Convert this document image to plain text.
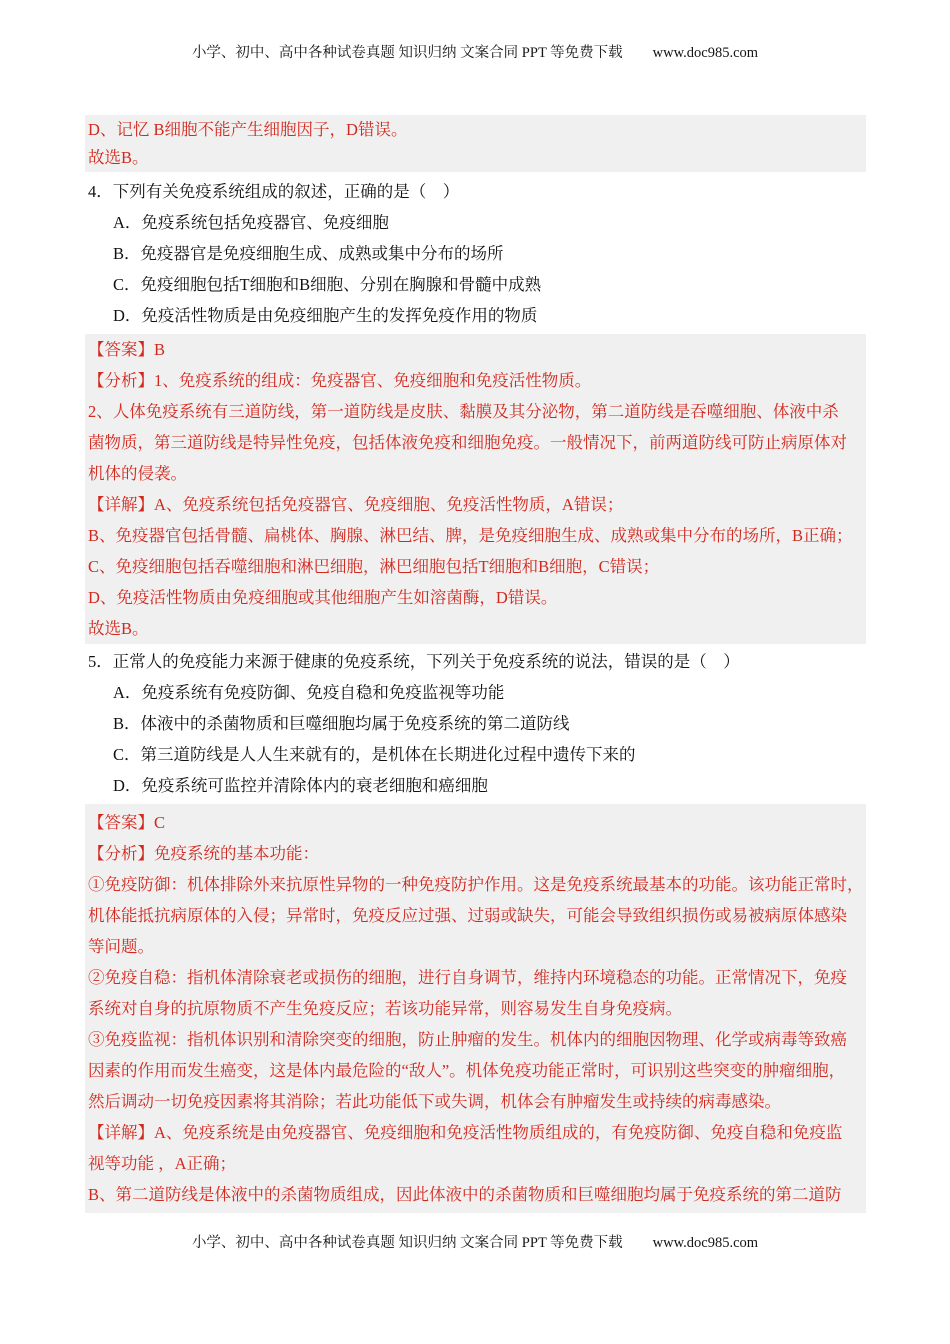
小学、初中、高中各种试卷真题 知识归纳 文案合同 PPT 等免费下载 www.doc985.com
D、记忆 B细胞不能产生细胞因子，D错误。
故选B。
4．下列有关免疫系统组成的叙述，正确的是（　）
A．免疫系统包括免疫器官、免疫细胞
B．免疫器官是免疫细胞生成、成熟或集中分布的场所
C．免疫细胞包括T细胞和B细胞、分别在胸腺和骨髓中成熟
D．免疫活性物质是由免疫细胞产生的发挥免疫作用的物质
【答案】B
【分析】1、免疫系统的组成：免疫器官、免疫细胞和免疫活性物质。
2、人体免疫系统有三道防线，第一道防线是皮肤、黏膜及其分泌物，第二道防线是吞噬细胞、体液中杀
菌物质，第三道防线是特异性免疫，包括体液免疫和细胞免疫。一般情况下，前两道防线可防止病原体对
机体的侵袭。
【详解】A、免疫系统包括免疫器官、免疫细胞、免疫活性物质，A错误；
B、免疫器官包括骨髓、扁桃体、胸腺、淋巴结、脾，是免疫细胞生成、成熟或集中分布的场所，B正确；
C、免疫细胞包括吞噬细胞和淋巴细胞，淋巴细胞包括T细胞和B细胞，C错误；
D、免疫活性物质由免疫细胞或其他细胞产生如溶菌酶，D错误。
故选B。
5．正常人的免疫能力来源于健康的免疫系统，下列关于免疫系统的说法，错误的是（　）
A．免疫系统有免疫防御、免疫自稳和免疫监视等功能
B．体液中的杀菌物质和巨噬细胞均属于免疫系统的第二道防线
C．第三道防线是人人生来就有的，是机体在长期进化过程中遗传下来的
D．免疫系统可监控并清除体内的衰老细胞和癌细胞
【答案】C
【分析】免疫系统的基本功能：
①免疫防御：机体排除外来抗原性异物的一种免疫防护作用。这是免疫系统最基本的功能。该功能正常时，
机体能抵抗病原体的入侵；异常时，免疫反应过强、过弱或缺失，可能会导致组织损伤或易被病原体感染
等问题。
②免疫自稳：指机体清除衰老或损伤的细胞，进行自身调节，维持内环境稳态的功能。正常情况下，免疫
系统对自身的抗原物质不产生免疫反应；若该功能异常，则容易发生自身免疫病。
③免疫监视：指机体识别和清除突变的细胞，防止肿瘤的发生。机体内的细胞因物理、化学或病毒等致癌
因素的作用而发生癌变，这是体内最危险的“敌人”。机体免疫功能正常时，可识别这些突变的肿瘤细胞，
然后调动一切免疫因素将其消除；若此功能低下或失调，机体会有肿瘤发生或持续的病毒感染。
【详解】A、免疫系统是由免疫器官、免疫细胞和免疫活性物质组成的，有免疫防御、免疫自稳和免疫监
视等功能 ，A正确；
B、第二道防线是体液中的杀菌物质组成，因此体液中的杀菌物质和巨噬细胞均属于免疫系统的第二道防
小学、初中、高中各种试卷真题 知识归纳 文案合同 PPT 等免费下载 www.doc985.com
